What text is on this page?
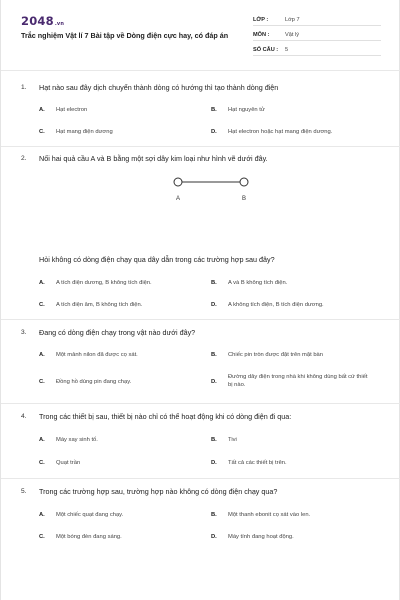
2048.vn
Trắc nghiệm Vật lí 7 Bài tập về Dòng điện cực hay, có đáp án
LỚP :	Lớp 7
MÔN :	Vật lý
SỐ CÂU : 5
1. Hạt nào sau đây dịch chuyển thành dòng có hướng thì tạo thành dòng điện
A. Hạt electron	B. Hạt nguyên tử
C. Hạt mang điện dương	D. Hạt electron hoặc hạt mang điện dương.
2. Nối hai quả cầu A và B bằng một sợi dây kim loại như hình vẽ dưới đây.
A	B
Hỏi không có dòng điện chạy qua dây dẫn trong các trường hợp sau đây?
A. A tích điện dương, B không tích điện.	B. A và B không tích điện.
C. A tích điện âm, B không tích điện.	D. A không tích điện, B tích điện dương.
3. Đang có dòng điện chạy trong vật nào dưới đây?
A. Một mảnh nilon đã được cọ xát.	B. Chiếc pin tròn được đặt trên mặt bàn
C. Đồng hồ dùng pin đang chạy.	D.
Đường dây điện trong nhà khi không dùng bất cứ thiết bị nào.
4. Trong các thiết bị sau, thiết bị nào chỉ có thể hoạt động khi có dòng điện đi qua:
A. Máy xay sinh tố.	B. Tivi
C. Quạt trần	D. Tất cả các thiết bị trên.
5. Trong các trường hợp sau, trường hợp nào không có dòng điện chạy qua?
A. Một chiếc quạt đang chạy.	B. Một thanh ebonit cọ xát vào len.
C. Một bóng đèn đang sáng.	D. Máy tính đang hoạt động.
